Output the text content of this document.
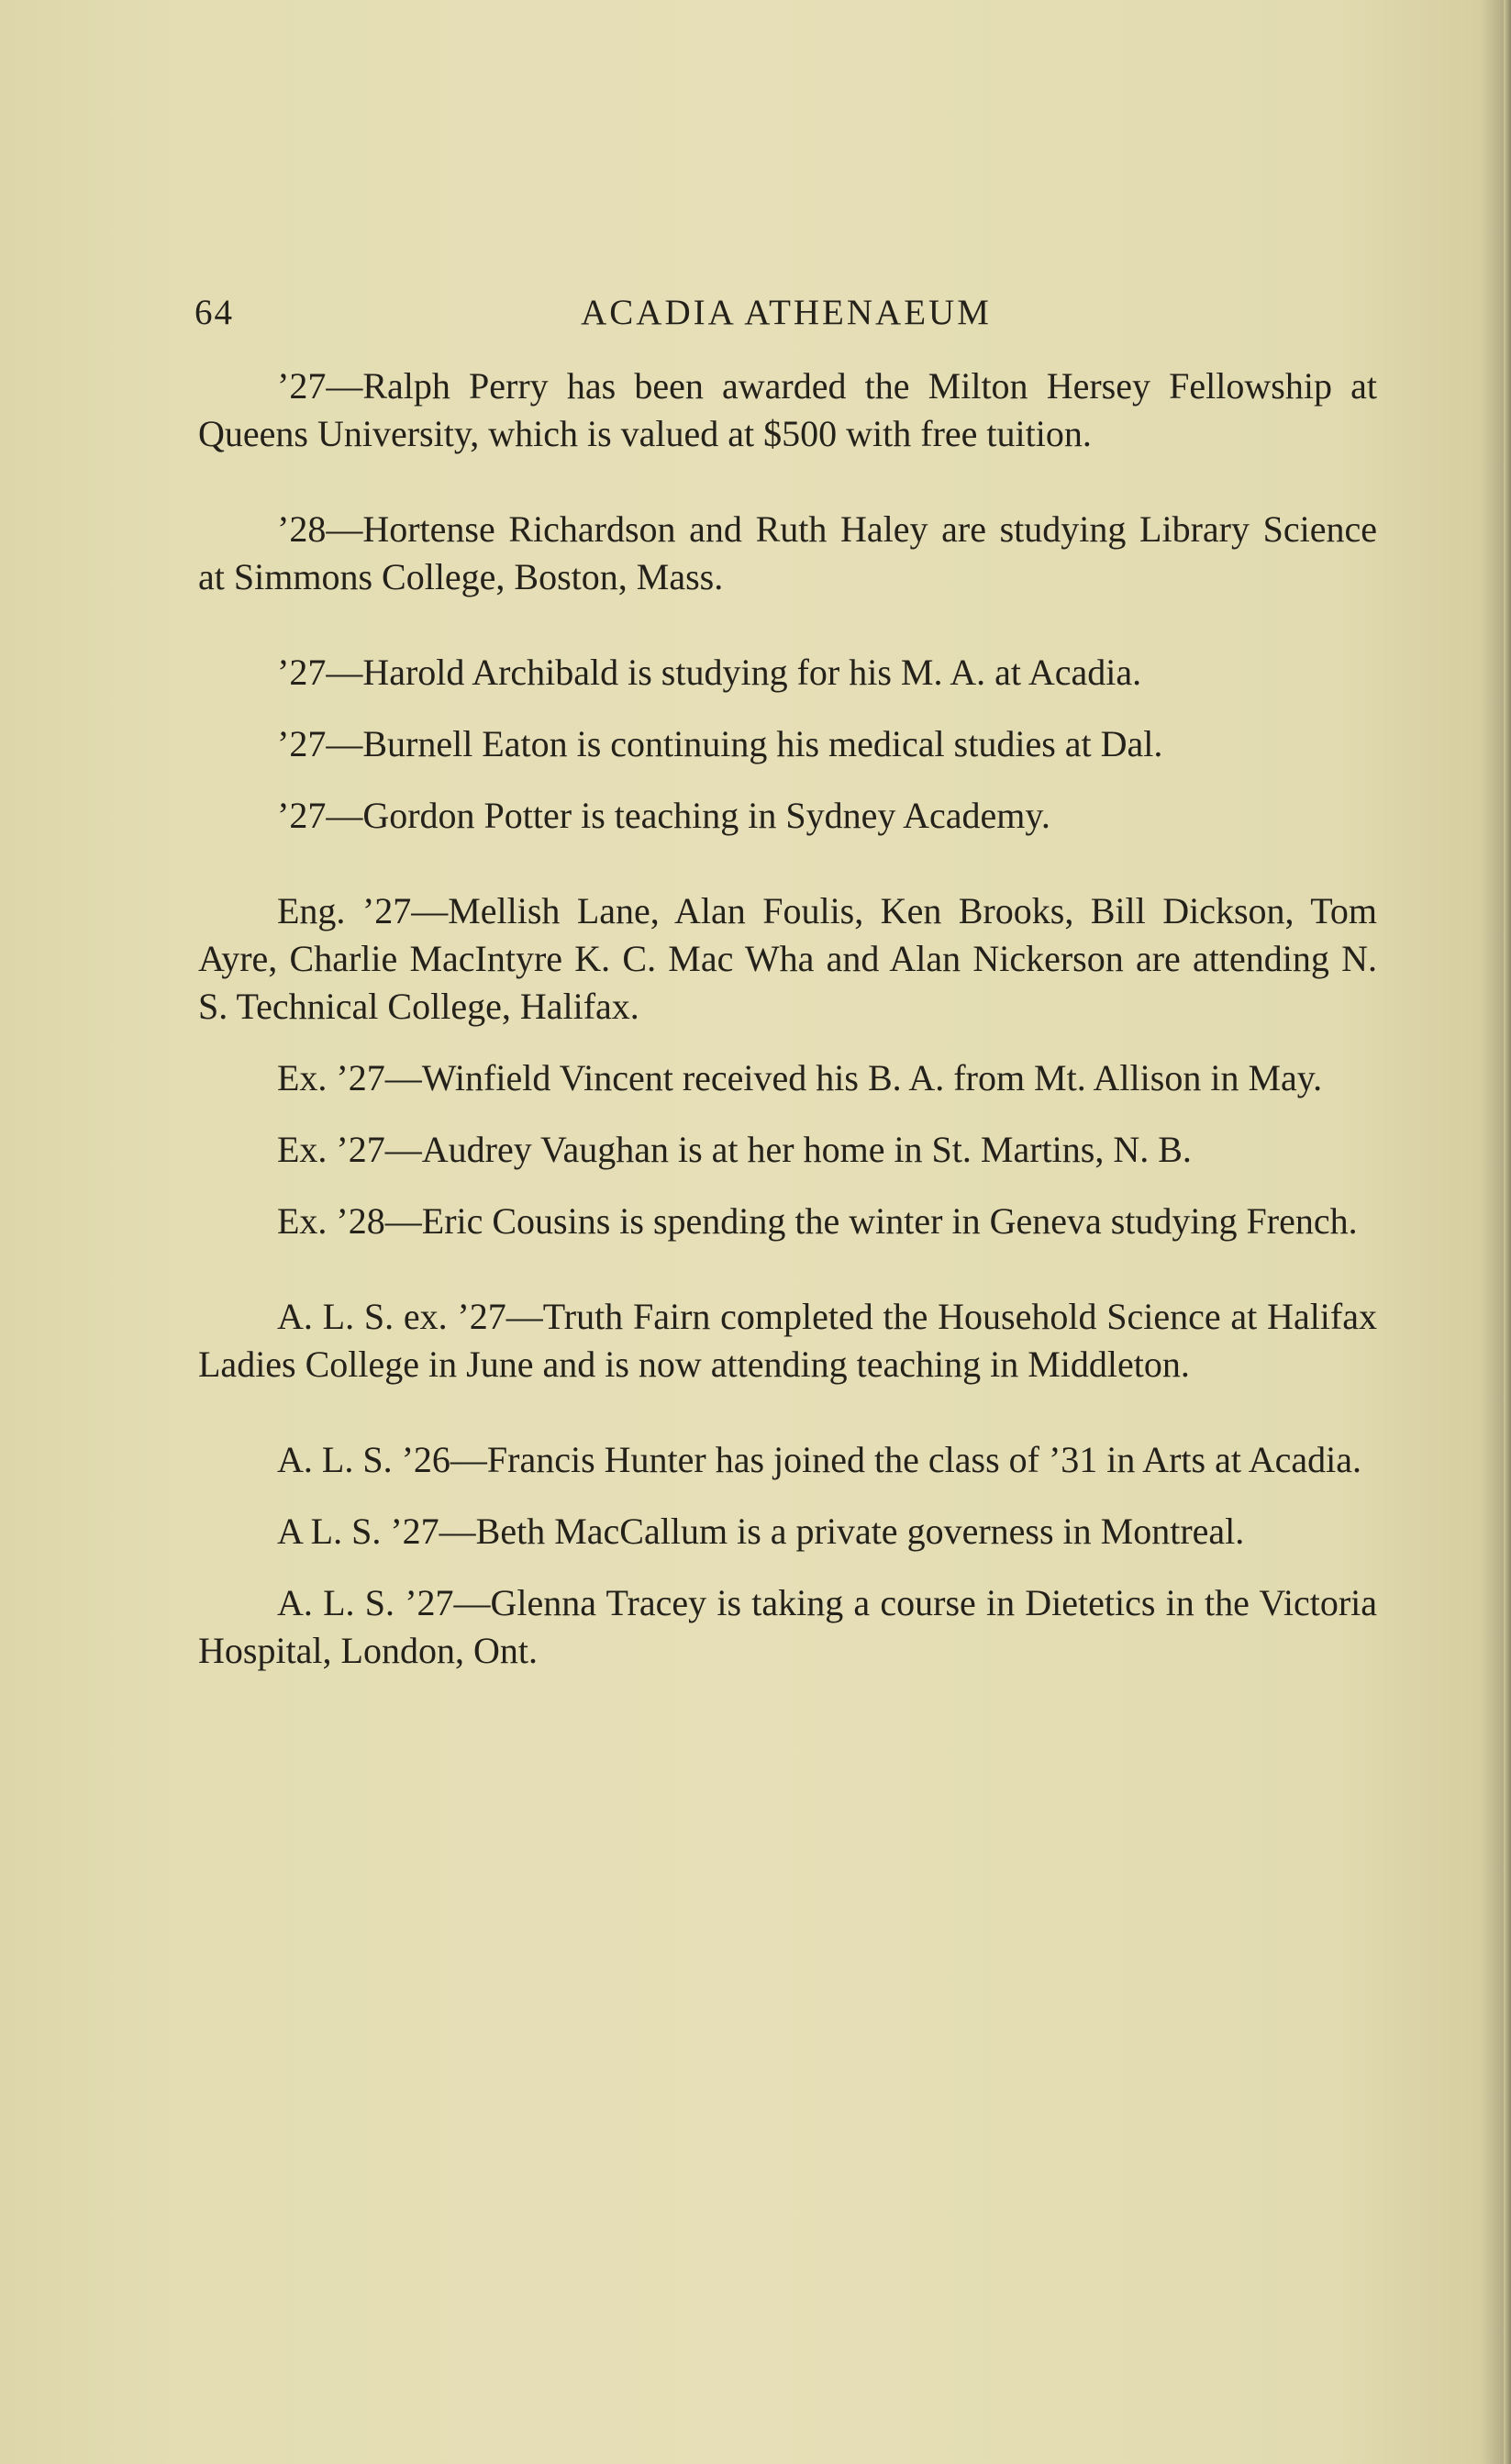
64	ACADIA ATHENAEUM

’27—Ralph Perry has been awarded the Milton Hersey Fellowship at Queens University, which is valued at $500 with free tuition.

’28—Hortense Richardson and Ruth Haley are studying Library Science at Simmons College, Boston, Mass.

’27—Harold Archibald is studying for his M. A. at Acadia.

’27—Burnell Eaton is continuing his medical studies at Dal.

’27—Gordon Potter is teaching in Sydney Academy.

Eng. ’27—Mellish Lane, Alan Foulis, Ken Brooks, Bill Dickson, Tom Ayre, Charlie MacIntyre K. C. Mac Wha and Alan Nickerson are attending N. S. Technical College, Halifax.

Ex. ’27—Winfield Vincent received his B. A. from Mt. Allison in May.

Ex. ’27—Audrey Vaughan is at her home in St. Martins, N. B.

Ex. ’28—Eric Cousins is spending the winter in Geneva studying French.

A. L. S. ex. ’27—Truth Fairn completed the Household Science at Halifax Ladies College in June and is now attending teaching in Middleton.

A. L. S. ’26—Francis Hunter has joined the class of ’31 in Arts at Acadia.

A L. S. ’27—Beth MacCallum is a private governess in Montreal.

A. L. S. ’27—Glenna Tracey is taking a course in Dietetics in the Victoria Hospital, London, Ont.
